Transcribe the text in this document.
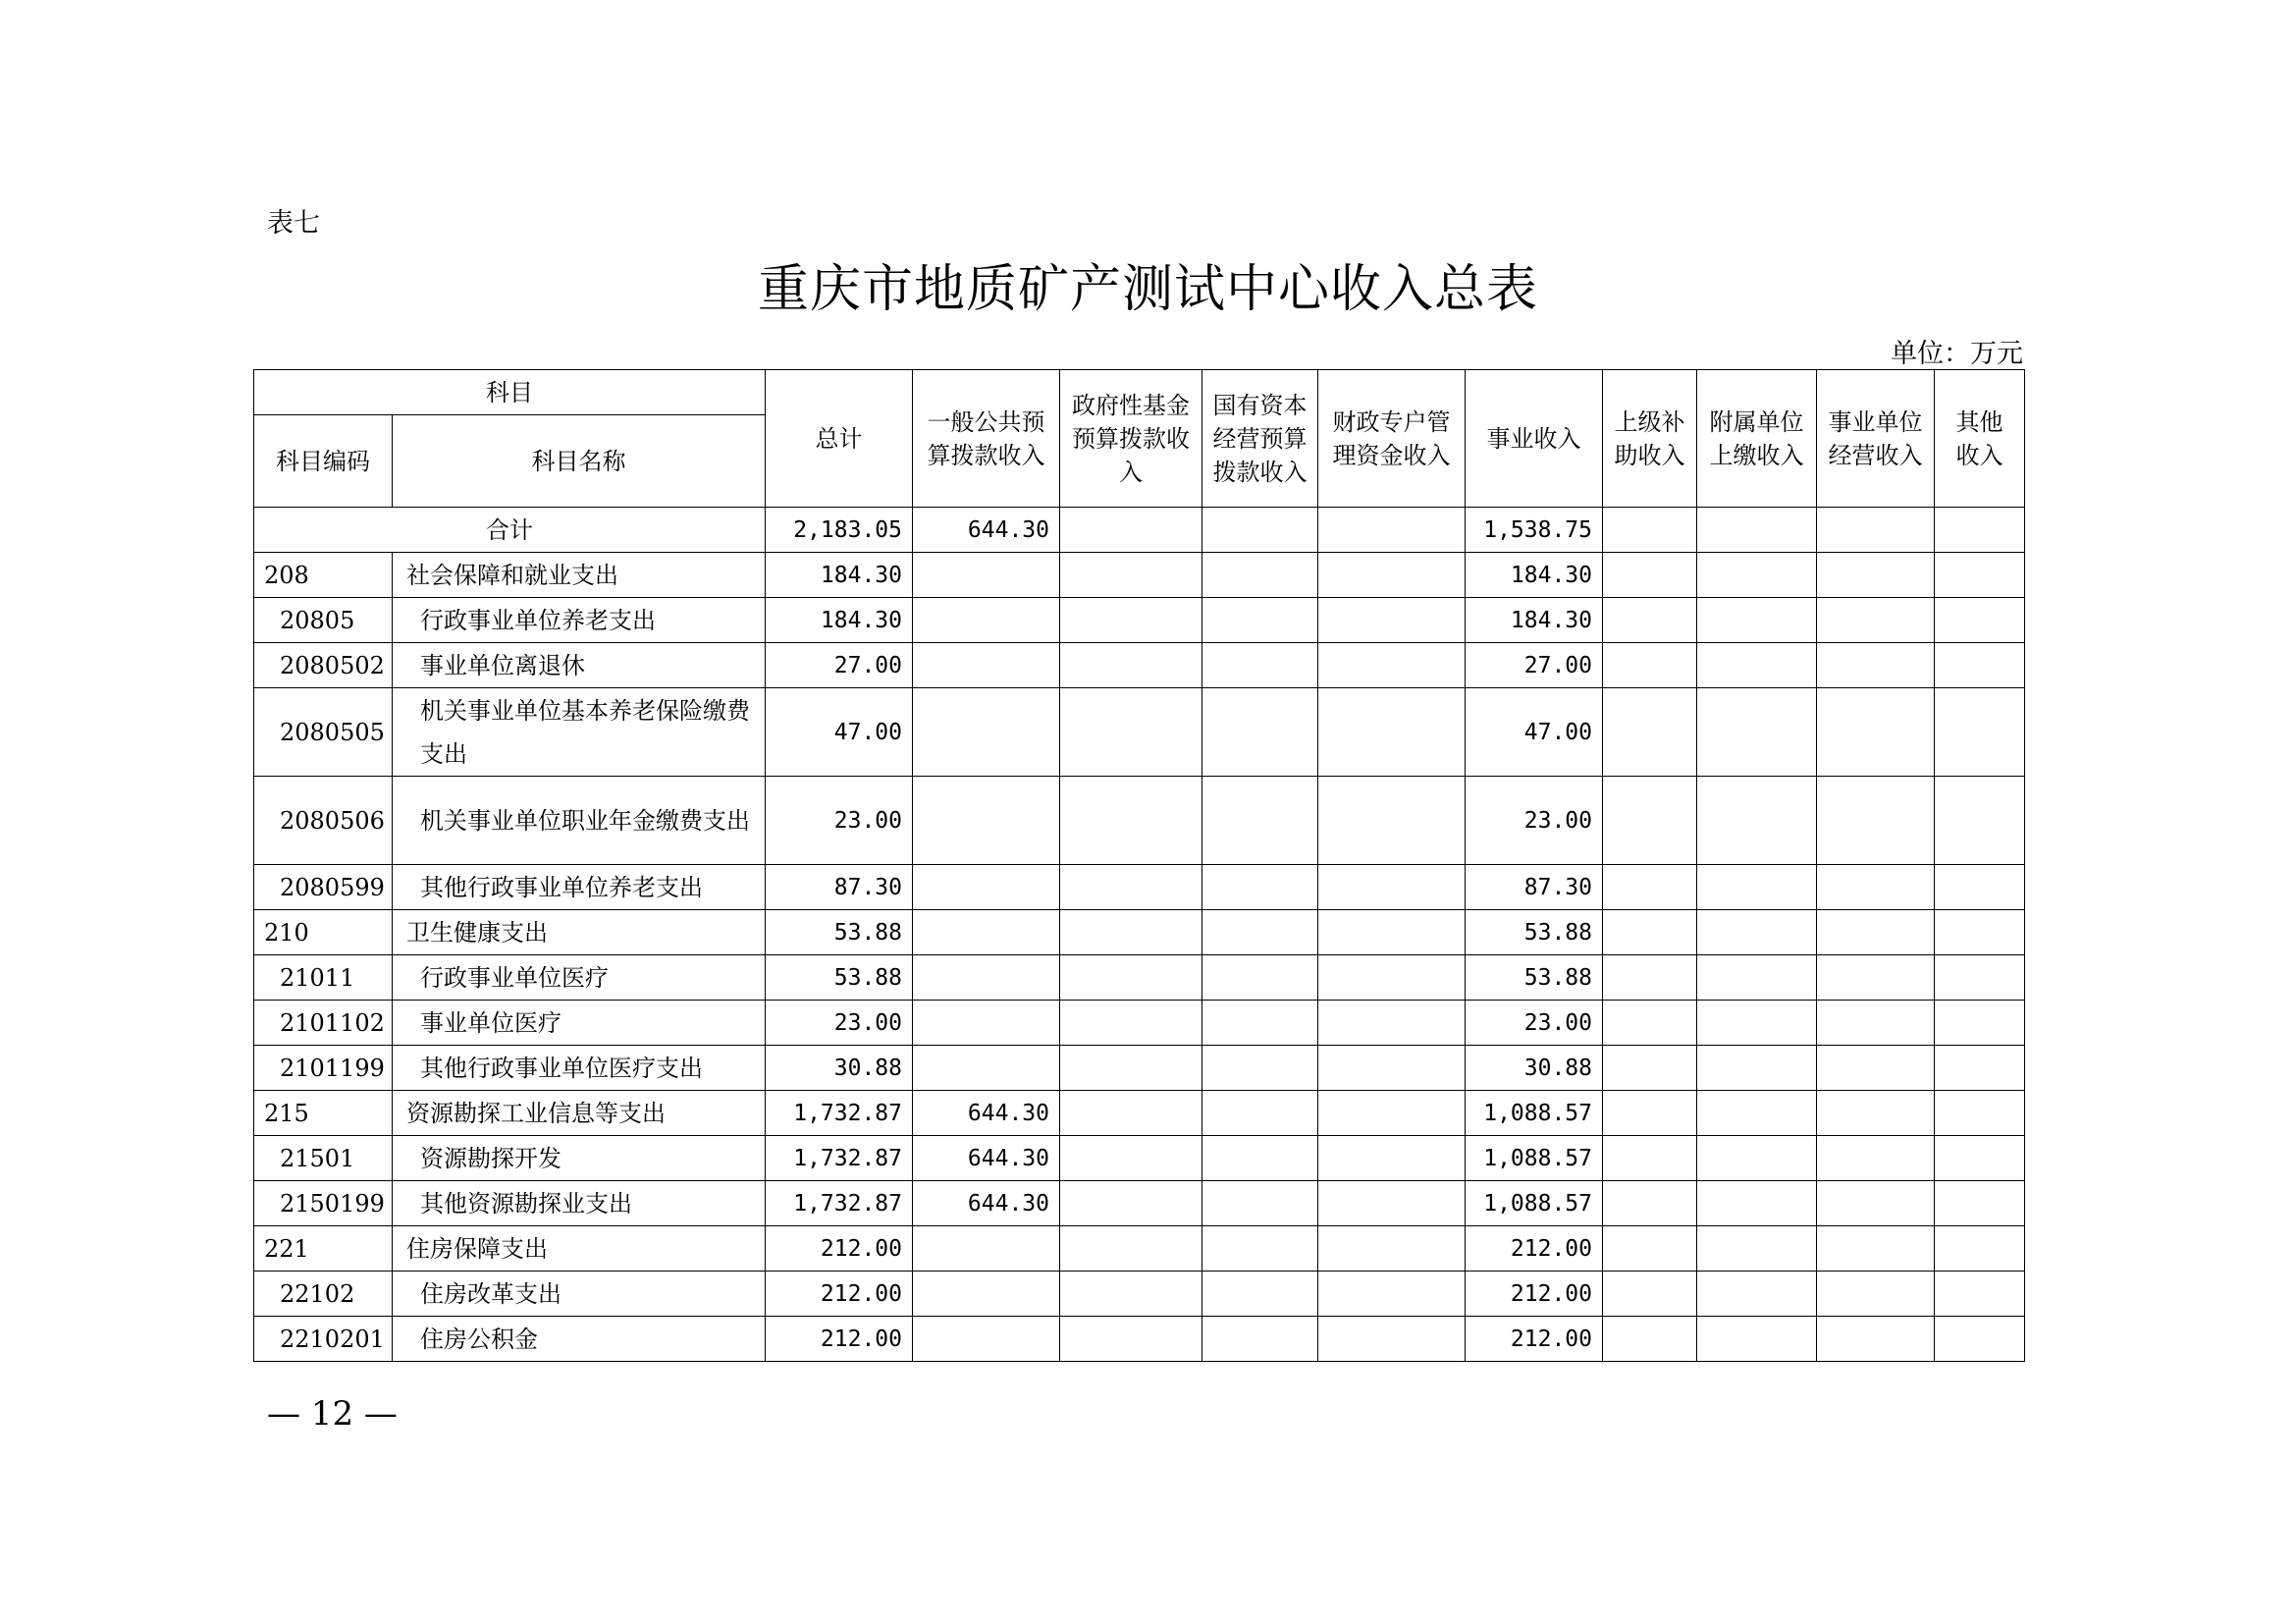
表七
重庆市地质矿产测试中心收入总表
单位：万元
科目		总计	一般公共预算拨款收入	政府性基金预算拨款收入	国有资本经营预算拨款收入	财政专户管理资金收入	事业收入	上级补助收入	附属单位上缴收入	事业单位经营收入	其他收入
科目编码	科目名称										
合计		2,183.05	644.30				1,538.75				
208	社会保障和就业支出	184.30					184.30				
20805	行政事业单位养老支出	184.30					184.30				
2080502	事业单位离退休	27.00					27.00				
2080505	机关事业单位基本养老保险缴费支出	47.00					47.00				
2080506	机关事业单位职业年金缴费支出	23.00					23.00				
2080599	其他行政事业单位养老支出	87.30					87.30				
210	卫生健康支出	53.88					53.88				
21011	行政事业单位医疗	53.88					53.88				
2101102	事业单位医疗	23.00					23.00				
2101199	其他行政事业单位医疗支出	30.88					30.88				
215	资源勘探工业信息等支出	1,732.87	644.30				1,088.57				
21501	资源勘探开发	1,732.87	644.30				1,088.57				
2150199	其他资源勘探业支出	1,732.87	644.30				1,088.57				
221	住房保障支出	212.00					212.00				
22102	住房改革支出	212.00					212.00				
2210201	住房公积金	212.00					212.00				
— 12 —
